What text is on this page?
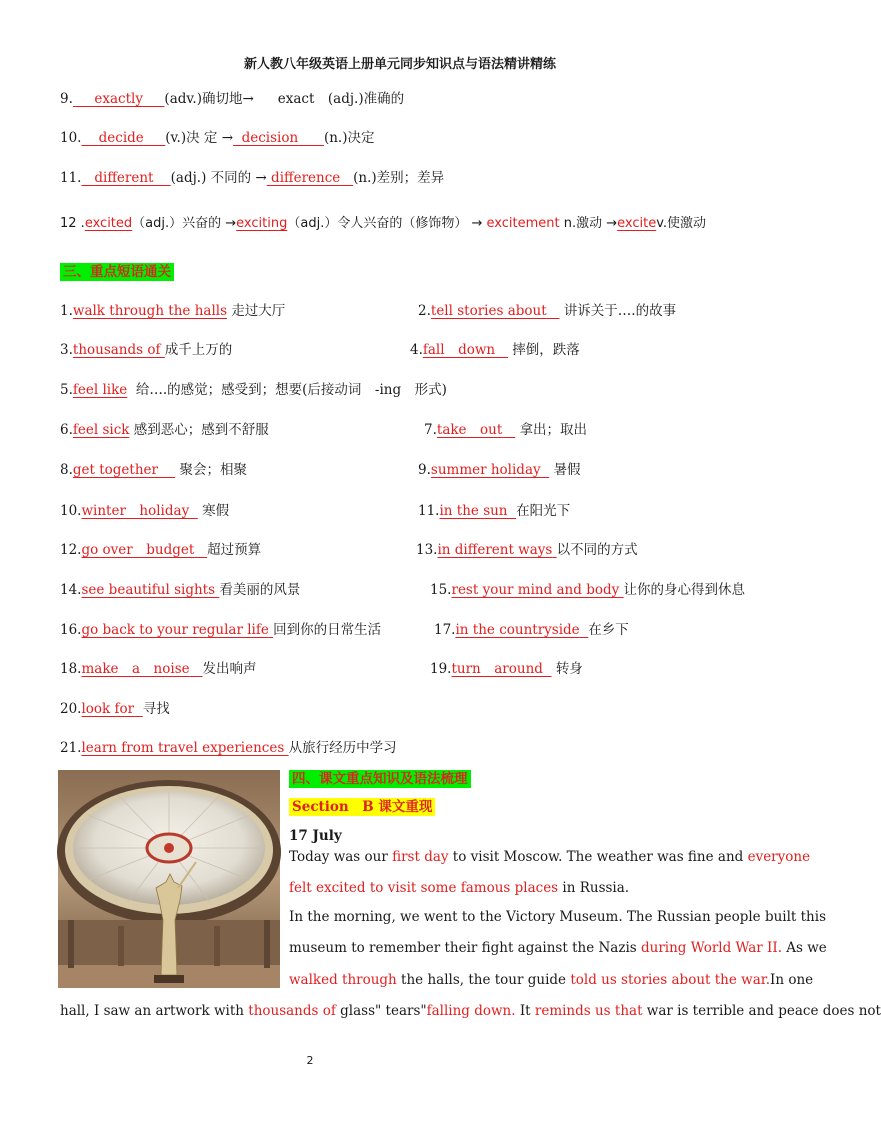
新人教八年级英语上册单元同步知识点与语法精讲精练
9. exactly (adv.)确切地→ exact　(adj.)准确的
10. decide (v.)决 定 → decision (n.)决定
11. different (adj.) 不同的 → difference (n.)差别；差异
12 .excited（adj.）兴奋的 →exciting（adj.）令人兴奋的（修饰物） → excitement n.激动 →excitev.使激动
三、重点短语通关
1.walk through the halls 走过大厅	2.tell stories about 讲诉关于….的故事
3.thousands of 成千上万的	4.fall　down 摔倒，跌落
5.feel like 给….的感觉；感受到；想要(后接动词　-ing　形式)
6.feel sick 感到恶心；感到不舒服	7.take　out 拿出；取出
8.get together 聚会；相聚	9.summer holiday 暑假
10.winter　holiday 寒假	11.in the sun 在阳光下
12.go over　budget 超过预算	13.in different ways 以不同的方式
14.see beautiful sights 看美丽的风景	15.rest your mind and body 让你的身心得到休息
16.go back to your regular life 回到你的日常生活	17.in the countryside 在乡下
18.make　a　noise 发出响声	19.turn　around 转身
20.look for 寻找
21.learn from travel experiences 从旅行经历中学习
四、课文重点知识及语法梳理
Section　B 课文重现
17 July
Today was our first day to visit Moscow. The weather was fine and everyone
felt excited to visit some famous places in Russia.
In the morning, we went to the Victory Museum. The Russian people built this
museum to remember their fight against the Nazis during World War II. As we
walked through the halls, the tour guide told us stories about the war.In one
hall, I saw an artwork with thousands of glass" tears"falling down. It reminds us that war is terrible and peace does not
2
